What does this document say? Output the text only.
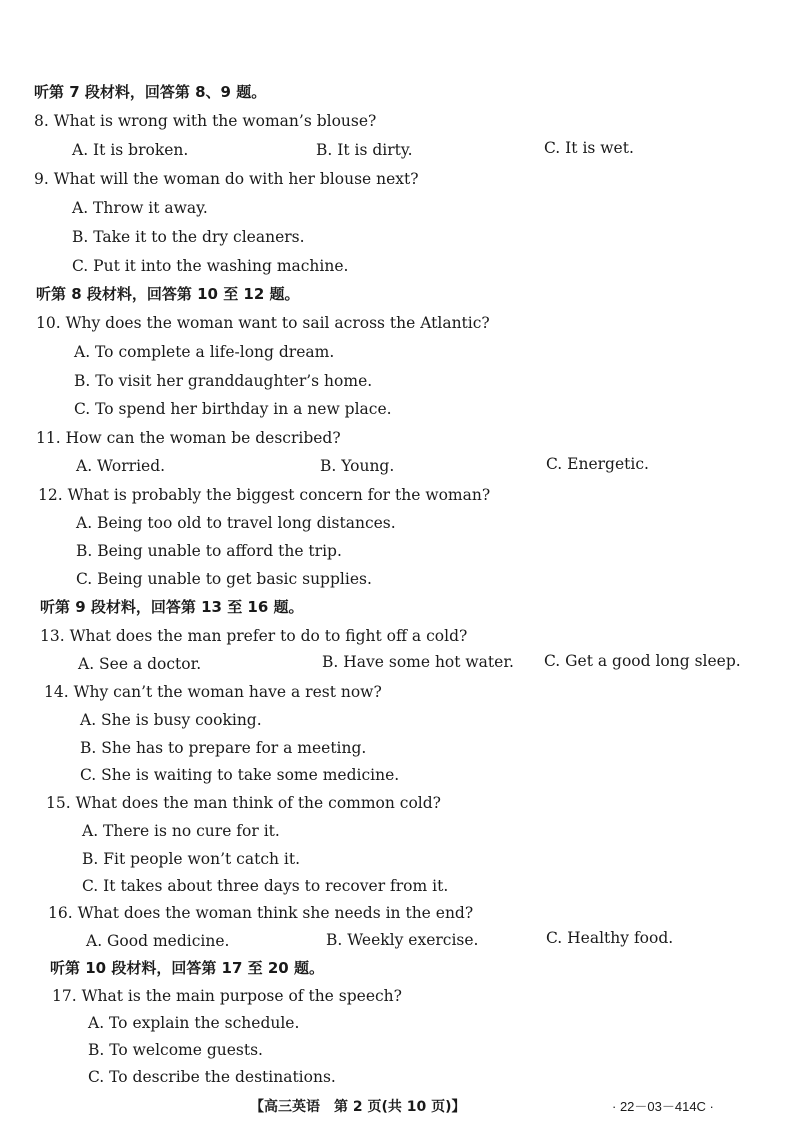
听第 7 段材料，回答第 8、9 题。
8. What is wrong with the woman’s blouse?
A. It is broken.	B. It is dirty.	C. It is wet.
9. What will the woman do with her blouse next?
A. Throw it away.
B. Take it to the dry cleaners.
C. Put it into the washing machine.
听第 8 段材料，回答第 10 至 12 题。
10. Why does the woman want to sail across the Atlantic?
A. To complete a life-long dream.
B. To visit her granddaughter’s home.
C. To spend her birthday in a new place.
11. How can the woman be described?
A. Worried.	B. Young.	C. Energetic.
12. What is probably the biggest concern for the woman?
A. Being too old to travel long distances.
B. Being unable to afford the trip.
C. Being unable to get basic supplies.
听第 9 段材料，回答第 13 至 16 题。
13. What does the man prefer to do to fight off a cold?
A. See a doctor.	B. Have some hot water. C. Get a good long sleep.
14. Why can’t the woman have a rest now?
A. She is busy cooking.
B. She has to prepare for a meeting.
C. She is waiting to take some medicine.
15. What does the man think of the common cold?
A. There is no cure for it.
B. Fit people won’t catch it.
C. It takes about three days to recover from it.
16. What does the woman think she needs in the end?
A. Good medicine.	B. Weekly exercise.	C. Healthy food.
听第 10 段材料，回答第 17 至 20 题。
17. What is the main purpose of the speech?
A. To explain the schedule.
B. To welcome guests.
C. To describe the destinations.
【高三英语　第 2 页(共 10 页)】	· 22－03－414C ·
